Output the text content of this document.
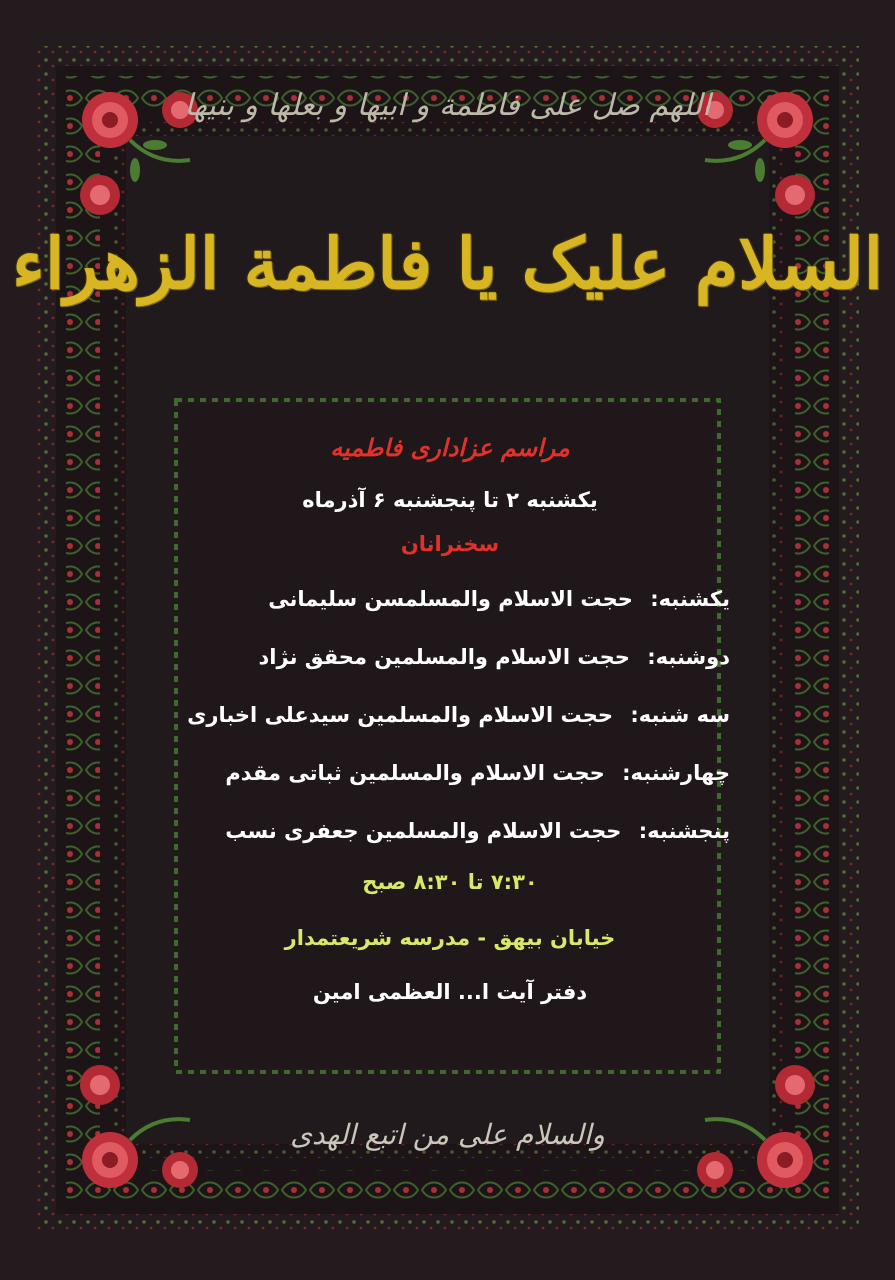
اللهم صل علی فاطمة و ابیها و بعلها و بنیها
السلام علیک یا فاطمة الزهراء
مراسم عزاداری فاطمیه
یکشنبه ۲ تا پنجشنبه ۶ آذرماه
سخنرانان
یکشنبه: حجت الاسلام والمسلمسن سلیمانی
دوشنبه: حجت الاسلام والمسلمین محقق نژاد
سه شنبه: حجت الاسلام والمسلمین سیدعلی اخباری
چهارشنبه: حجت الاسلام والمسلمین ثباتی مقدم
پنجشنبه: حجت الاسلام والمسلمین جعفری نسب
۷:۳۰ تا ۸:۳۰ صبح
خیابان بیهق - مدرسه شریعتمدار
دفتر آیت ا... العظمی امین
والسلام علی من اتبع الهدی
